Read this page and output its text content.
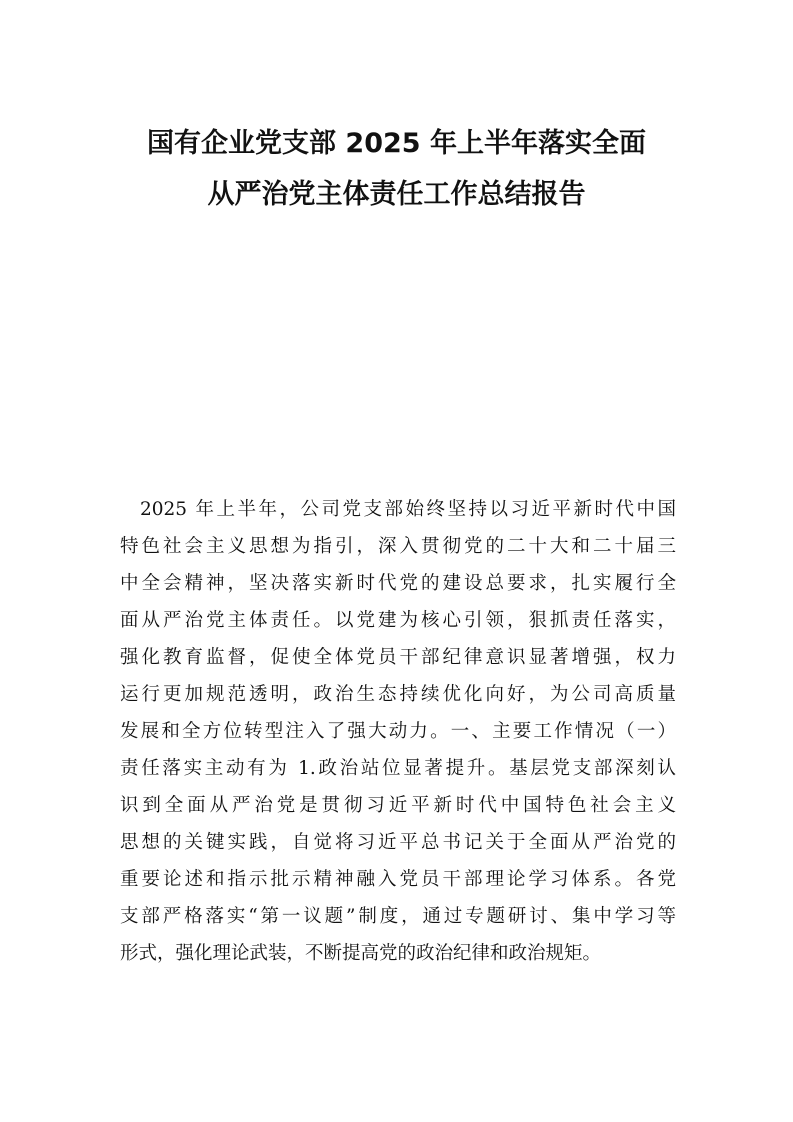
国有企业党支部 2025 年上半年落实全面
从严治党主体责任工作总结报告
2025 年上半年，公司党支部始终坚持以习近平新时代中国
特色社会主义思想为指引，深入贯彻党的二十大和二十届三
中全会精神，坚决落实新时代党的建设总要求，扎实履行全
面从严治党主体责任。以党建为核心引领，狠抓责任落实，
强化教育监督，促使全体党员干部纪律意识显著增强，权力
运行更加规范透明，政治生态持续优化向好，为公司高质量
发展和全方位转型注入了强大动力。一、主要工作情况（一）
责任落实主动有为 1.政治站位显著提升。基层党支部深刻认
识到全面从严治党是贯彻习近平新时代中国特色社会主义
思想的关键实践，自觉将习近平总书记关于全面从严治党的
重要论述和指示批示精神融入党员干部理论学习体系。各党
支部严格落实“第一议题”制度，通过专题研讨、集中学习等
形式，强化理论武装，不断提高党的政治纪律和政治规矩。
